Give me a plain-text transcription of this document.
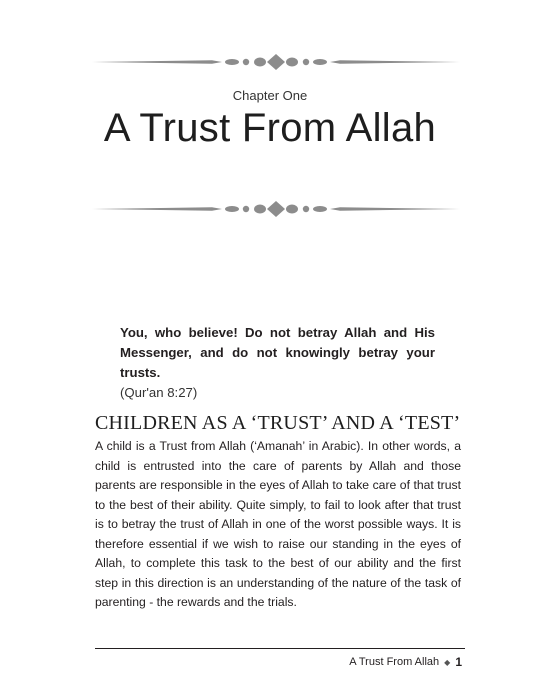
Chapter One
A Trust From Allah

You, who believe! Do not betray Allah and His Messenger, and do not knowingly betray your trusts.

(Qur'an 8:27)

CHILDREN AS A ‘TRUST’ AND A ‘TEST’

A child is a Trust from Allah (‘Amanah’ in Arabic). In other words, a child is entrusted into the care of parents by Allah and those parents are responsible in the eyes of Allah to take care of that trust to the best of their ability. Quite simply, to fail to look after that trust is to betray the trust of Allah in one of the worst possible ways. It is therefore essential if we wish to raise our standing in the eyes of Allah, to complete this task to the best of our ability and the first step in this direction is an understanding of the nature of the task of parenting - the rewards and the trials.

A Trust From Allah ◆ 1
